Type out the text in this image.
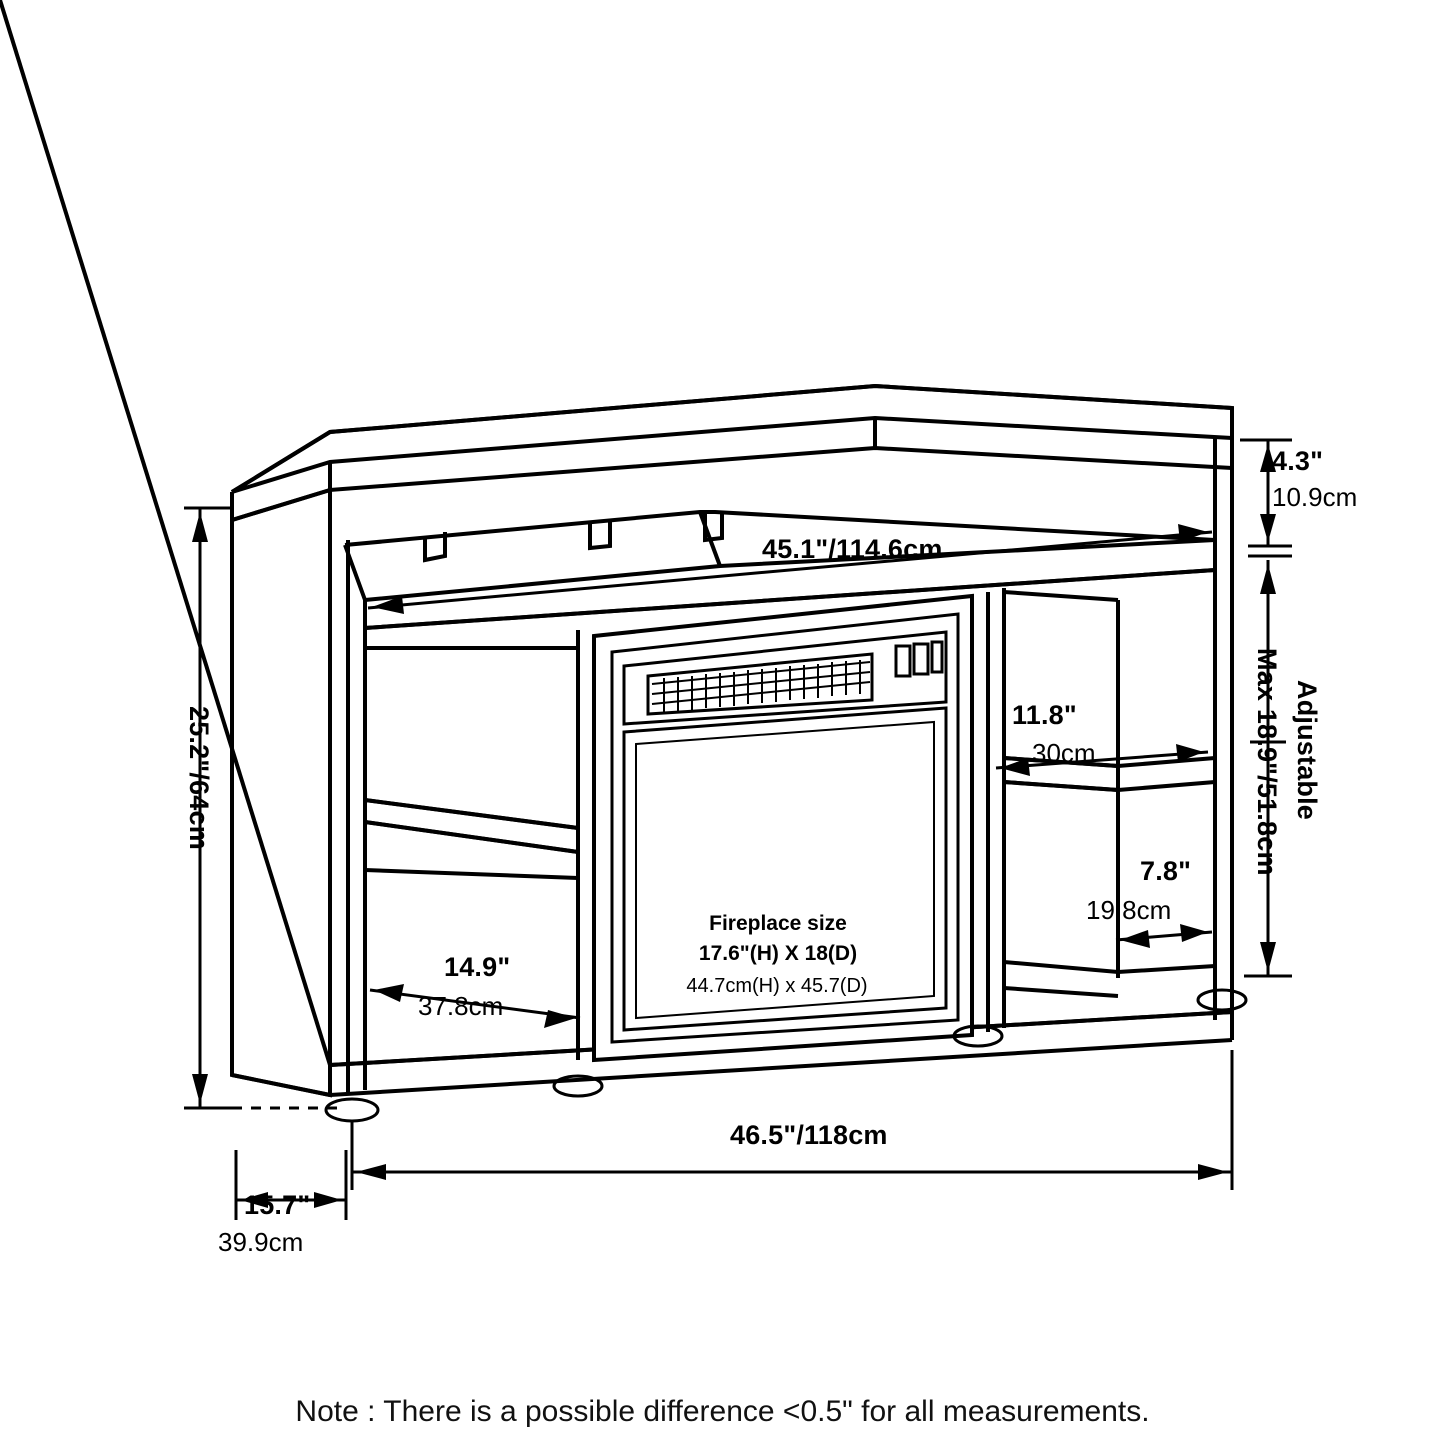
4.3"
10.9cm
45.1"/114.6cm
Adjustable
Max 18.9"/51.8cm
11.8"
30cm
7.8"
19.8cm
25.2"/64cm
14.9"
37.8cm
46.5"/118cm
15.7"
39.9cm
Fireplace size
17.6"(H) X 18(D)
44.7cm(H) x 45.7(D)
Note : There is a possible difference <0.5" for all measurements.
